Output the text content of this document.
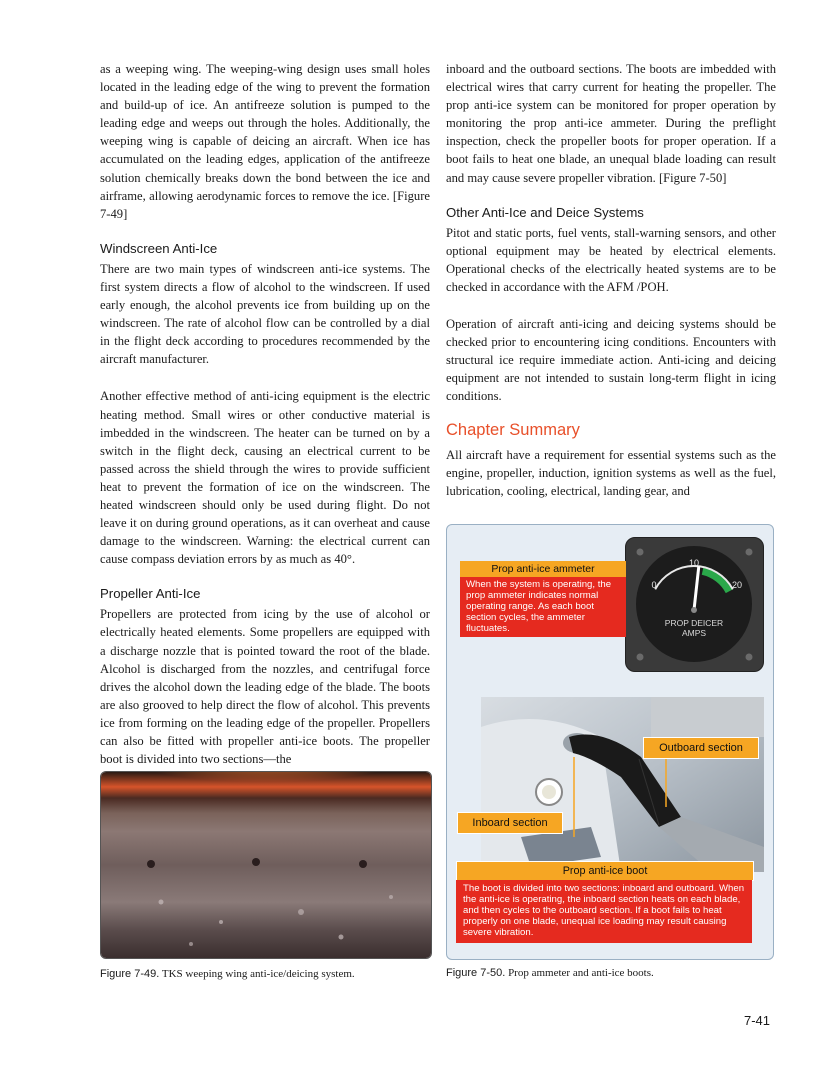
as a weeping wing. The weeping-wing design uses small holes located in the leading edge of the wing to prevent the formation and build-up of ice. An antifreeze solution is pumped to the leading edge and weeps out through the holes. Additionally, the weeping wing is capable of deicing an aircraft. When ice has accumulated on the leading edges, application of the antifreeze solution chemically breaks down the bond between the ice and airframe, allowing aerodynamic forces to remove the ice. [Figure 7-49]

Windscreen Anti-Ice

There are two main types of windscreen anti-ice systems. The first system directs a flow of alcohol to the windscreen. If used early enough, the alcohol prevents ice from building up on the windscreen. The rate of alcohol flow can be controlled by a dial in the flight deck according to procedures recommended by the aircraft manufacturer.

Another effective method of anti-icing equipment is the electric heating method. Small wires or other conductive material is imbedded in the windscreen. The heater can be turned on by a switch in the flight deck, causing an electrical current to be passed across the shield through the wires to provide sufficient heat to prevent the formation of ice on the windscreen. The heated windscreen should only be used during flight. Do not leave it on during ground operations, as it can overheat and cause damage to the windscreen. Warning: the electrical current can cause compass deviation errors by as much as 40°.

Propeller Anti-Ice

Propellers are protected from icing by the use of alcohol or electrically heated elements. Some propellers are equipped with a discharge nozzle that is pointed toward the root of the blade. Alcohol is discharged from the nozzles, and centrifugal force drives the alcohol down the leading edge of the blade. The boots are also grooved to help direct the flow of alcohol. This prevents ice from forming on the leading edge of the propeller. Propellers can also be fitted with propeller anti-ice boots. The propeller boot is divided into two sections—the

inboard and the outboard sections. The boots are imbedded with electrical wires that carry current for heating the propeller. The prop anti-ice system can be monitored for proper operation by monitoring the prop anti-ice ammeter. During the preflight inspection, check the propeller boots for proper operation. If a boot fails to heat one blade, an unequal blade loading can result and may cause severe propeller vibration. [Figure 7-50]

Other Anti-Ice and Deice Systems

Pitot and static ports, fuel vents, stall-warning sensors, and other optional equipment may be heated by electrical elements. Operational checks of the electrically heated systems are to be checked in accordance with the AFM /POH.

Operation of aircraft anti-icing and deicing systems should be checked prior to encountering icing conditions. Encounters with structural ice require immediate action. Anti-icing and deicing equipment are not intended to sustain long-term flight in icing conditions.

Chapter Summary

All aircraft have a requirement for essential systems such as the engine, propeller, induction, ignition systems as well as the fuel, lubrication, cooling, electrical, landing gear, and

Figure 7-49. TKS weeping wing anti-ice/deicing system.
0
10
20
PROP DEICER
AMPS
Prop anti-ice ammeter
When the system is operating, the prop ammeter indicates normal operating range. As each boot section cycles, the ammeter fluctuates.
Outboard section
Inboard section
Prop anti-ice boot
The boot is divided into two sections: inboard and outboard. When the anti-ice is operating, the inboard section heats on each blade, and then cycles to the outboard section. If a boot fails to heat properly on one blade, unequal ice loading may result causing severe vibration.
Figure 7-50. Prop ammeter and anti-ice boots.
7-41
